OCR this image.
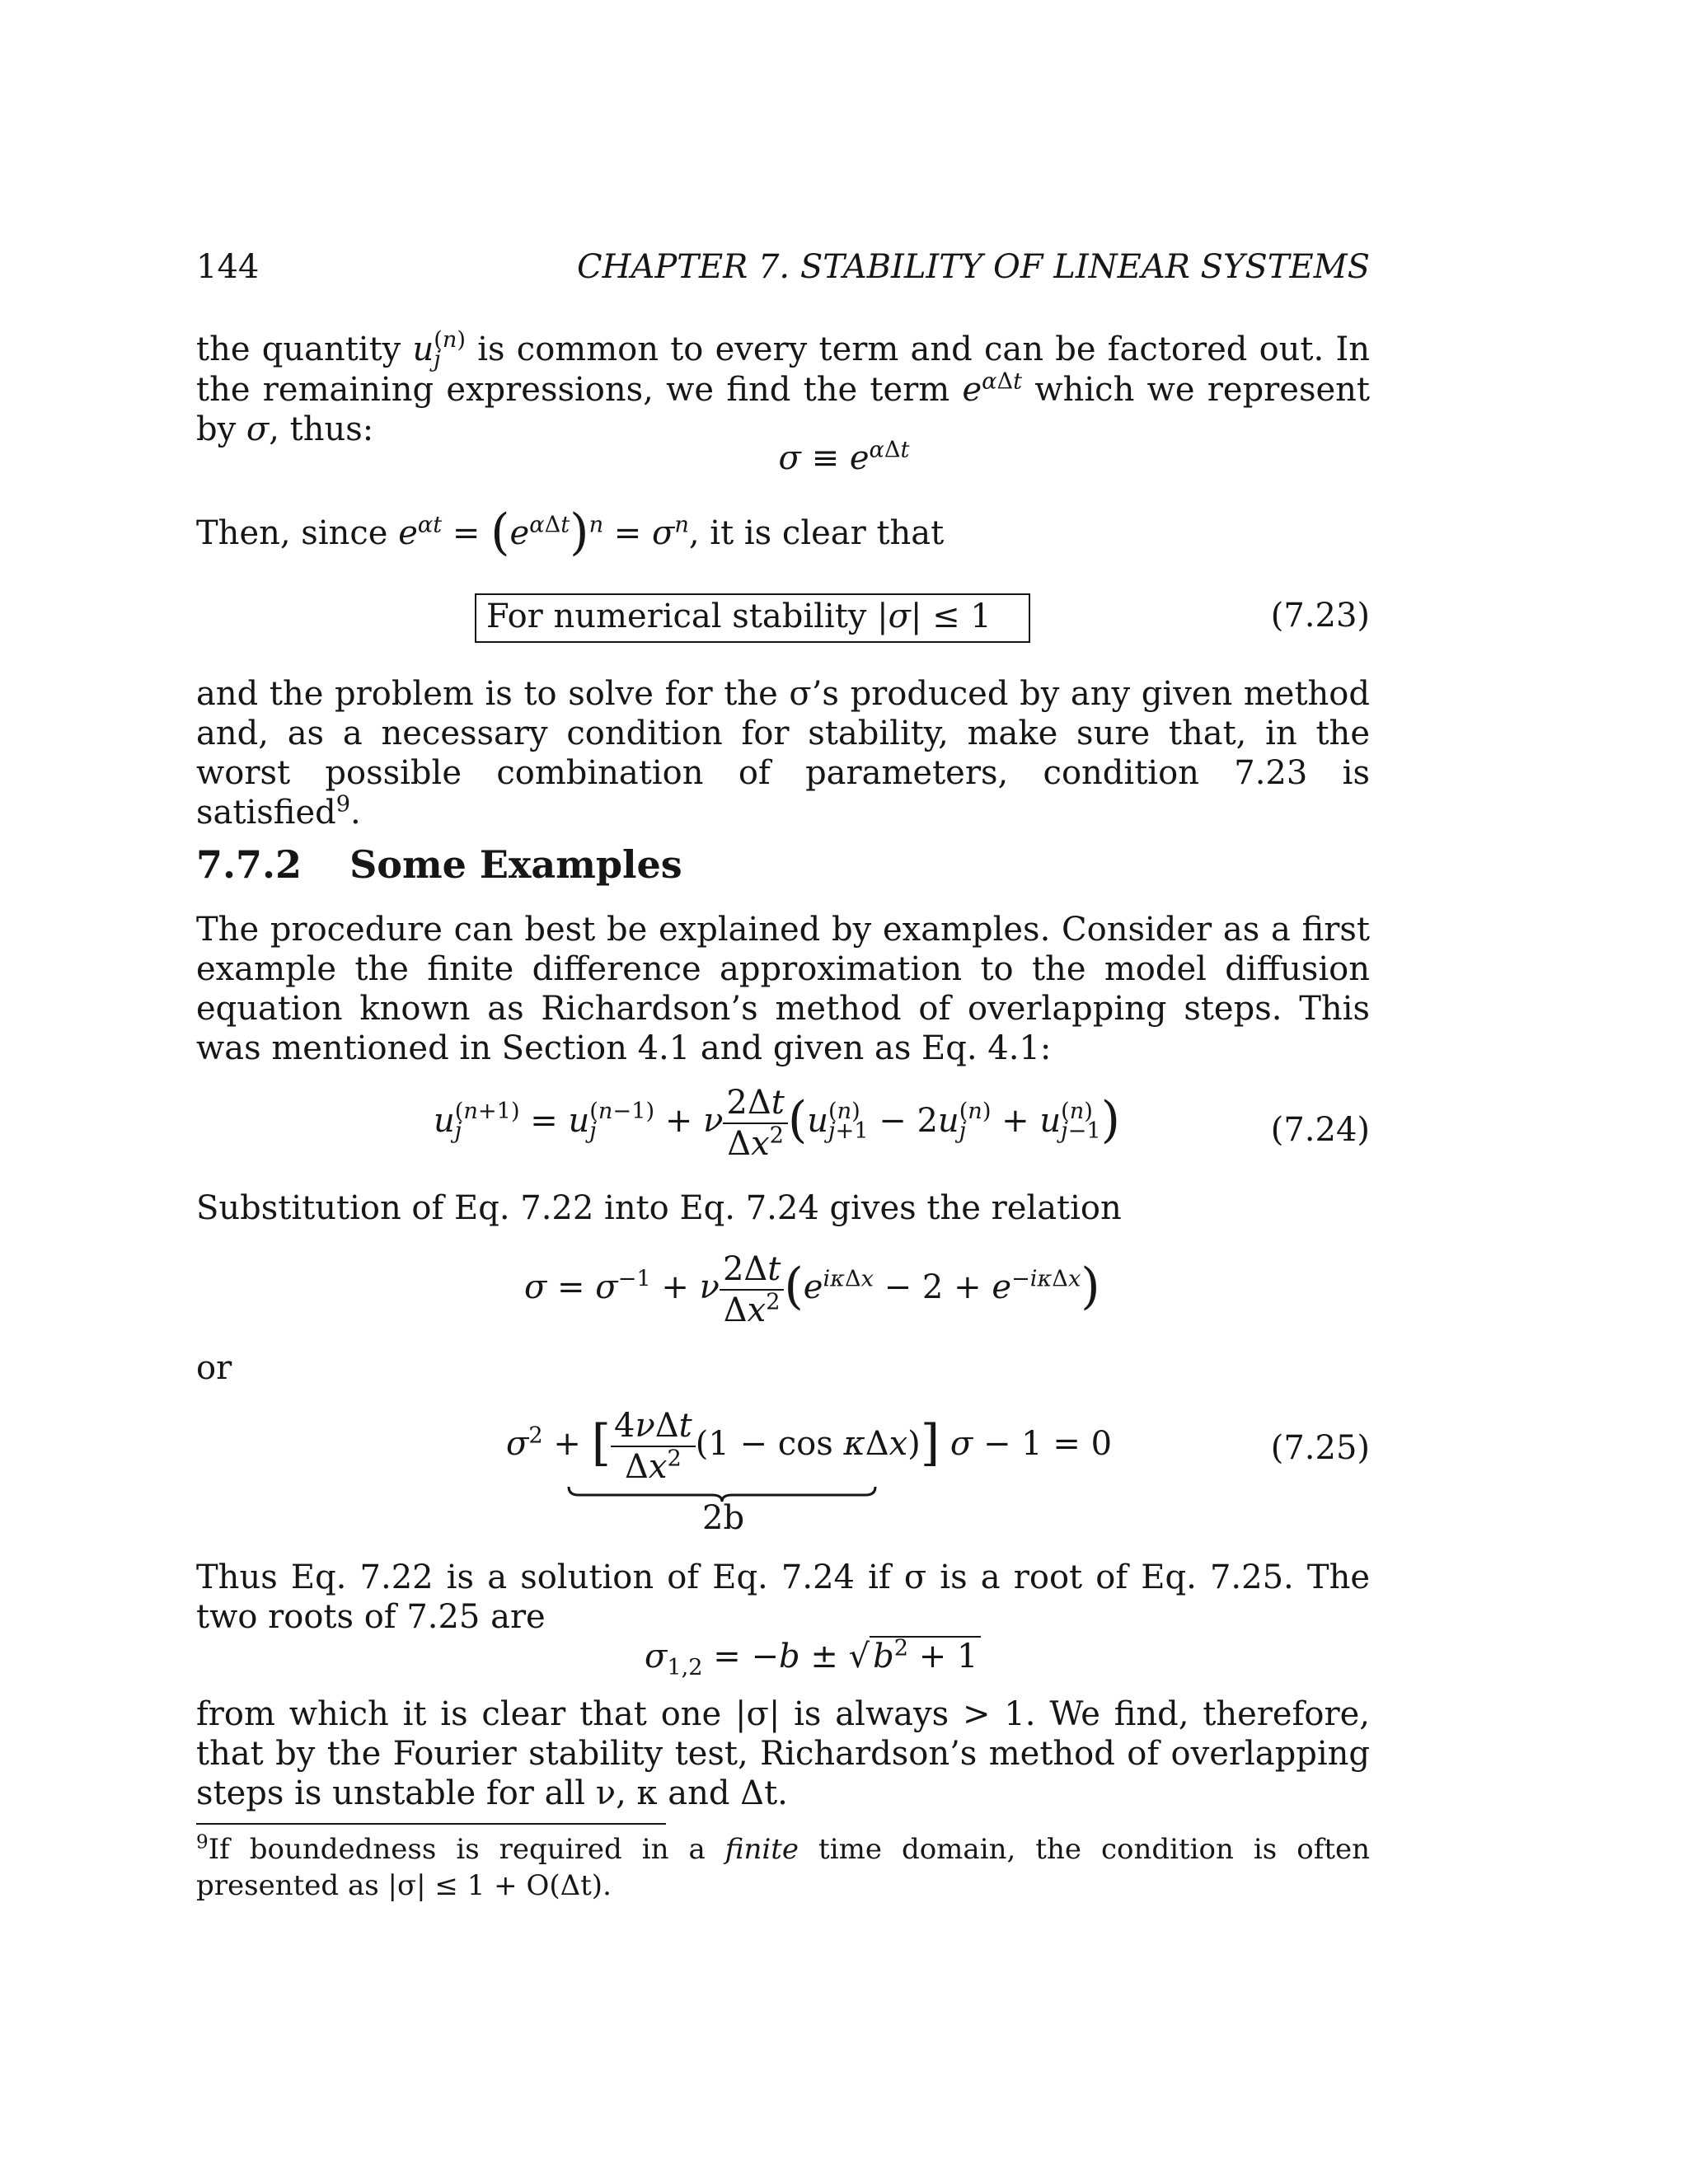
144	CHAPTER 7. STABILITY OF LINEAR SYSTEMS
the quantity u (n)
j is common to every term and can be factored out. In the remaining expressions, we find the term $e^{\alpha\Delta t}$ which we represent by σ, thus:
$\sigma \equiv e^{\alpha\Delta t}$
Then, since $e^{\alpha t} = (e^{\alpha\Delta t})^n = \sigma^n$, it is clear that
For numerical stability |σ| ≤ 1	(7.23)
and the problem is to solve for the σ’s produced by any given method and, as a necessary condition for stability, make sure that, in the worst possible combination of parameters, condition 7.23 is satisfied$^9$.
7.7.2 Some Examples
The procedure can best be explained by examples. Consider as a first example the finite difference approximation to the model diffusion equation known as Richardson’s method of overlapping steps. This was mentioned in Section 4.1 and given as Eq. 4.1:
u (n+1)
j	= u (n−1)
j	+ ν $\frac{2\Delta t}{\Delta x^2} (u$ (n)
j+1 − 2u (n)
j + u (n)
j−1 )	(7.24)
Substitution of Eq. 7.22 into Eq. 7.24 gives the relation
$\sigma = \sigma^{-1} + \nu \frac{2\Delta t}{\Delta x^2} (e^{i\kappa\Delta x} - 2 + e^{-i\kappa\Delta x})$
or
$\sigma^2$ + [ $\frac{\text{4νΔt}}{\Delta x^2} (1 - \cos \kappa\Delta x)$] σ − 1 = 0
2b
(7.25)
Thus Eq. 7.22 is a solution of Eq. 7.24 if σ is a root of Eq. 7.25. The two roots of 7.25 are
$\sigma_{1,2} = -b$ ± √ $b^2 + 1$
from which it is clear that one |σ| is always > 1. We find, therefore, that by the Fourier stability test, Richardson’s method of overlapping steps is unstable for all ν, κ and Δt.
$^9$If boundedness is required in a finite time domain, the condition is often presented as |σ| ≤ 1 + O(Δt).
